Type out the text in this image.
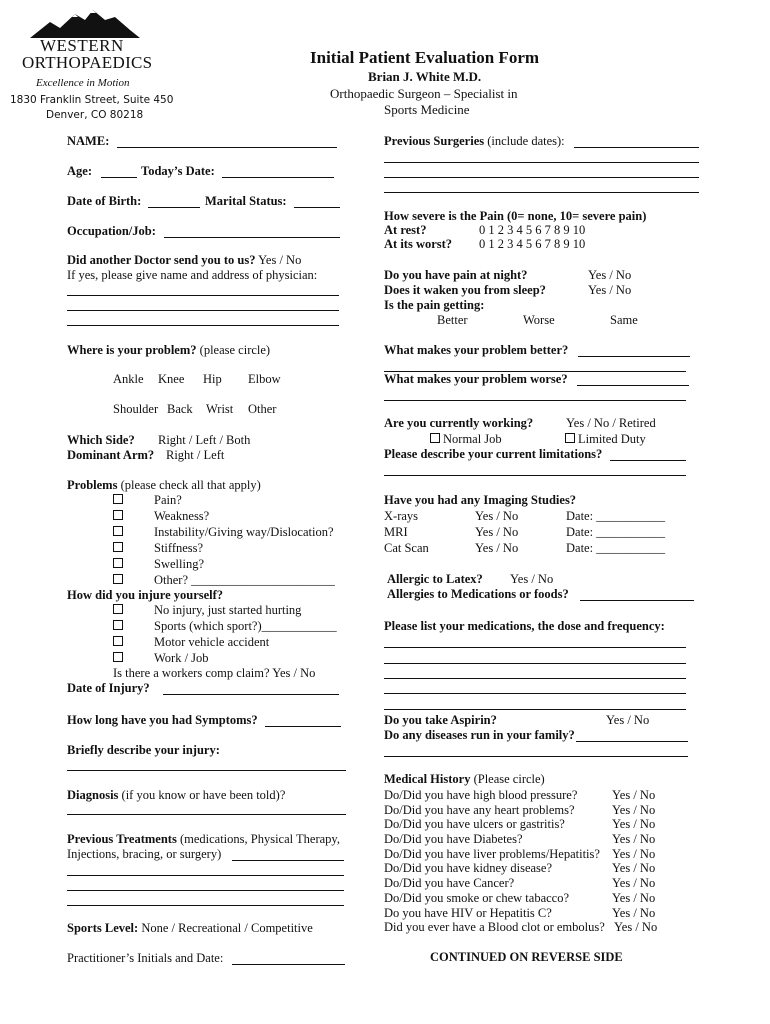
WESTERN
ORTHOPAEDICS
Excellence in Motion
1830 Franklin Street, Suite 450
Denver, CO 80218
Initial Patient Evaluation Form
Brian J. White M.D.
Orthopaedic Surgeon – Specialist in
Sports Medicine
NAME:
Age:	Today’s Date:
Date of Birth:	Marital Status:
Occupation/Job:
Did another Doctor send you to us? Yes / No
If yes, please give name and address of physician:
Where is your problem? (please circle)
Ankle Knee Hip Elbow
Shoulder Back Wrist Other
Which Side? Right / Left / Both
Dominant Arm? Right / Left
Problems (please check all that apply)
Pain?
Weakness?
Instability/Giving way/Dislocation?
Stiffness?
Swelling?
Other? _______________________
How did you injure yourself?
No injury, just started hurting
Sports (which sport?)____________
Motor vehicle accident
Work / Job
Is there a workers comp claim? Yes / No
Date of Injury?
How long have you had Symptoms?
Briefly describe your injury:
Diagnosis (if you know or have been told)?
Previous Treatments (medications, Physical Therapy,
Injections, bracing, or surgery)
Sports Level: None / Recreational / Competitive
Practitioner’s Initials and Date:
Previous Surgeries (include dates):
How severe is the Pain (0= none, 10= severe pain)
At rest?	0 1 2 3 4 5 6 7 8 9 10
At its worst? 0 1 2 3 4 5 6 7 8 9 10
Do you have pain at night?	Yes / No
Does it waken you from sleep?	Yes / No
Is the pain getting:
Better	Worse	Same
What makes your problem better?
What makes your problem worse?
Are you currently working?	Yes / No / Retired
Normal Job	Limited Duty
Please describe your current limitations?
Have you had any Imaging Studies?
X-rays	Yes / No	Date: ___________
MRI	Yes / No	Date: ___________
Cat Scan	Yes / No	Date: ___________
Allergic to Latex? Yes / No
Allergies to Medications or foods?
Please list your medications, the dose and frequency:
Do you take Aspirin?	Yes / No
Do any diseases run in your family?
Medical History (Please circle)
Do/Did you have high blood pressure?	Yes / No
Do/Did you have any heart problems?	Yes / No
Do/Did you have ulcers or gastritis?	Yes / No
Do/Did you have Diabetes?	Yes / No
Do/Did you have liver problems/Hepatitis? Yes / No
Do/Did you have kidney disease?	Yes / No
Do/Did you have Cancer?	Yes / No
Do/Did you smoke or chew tabacco?	Yes / No
Do you have HIV or Hepatitis C?	Yes / No
Did you ever have a Blood clot or embolus? Yes / No
CONTINUED ON REVERSE SIDE
